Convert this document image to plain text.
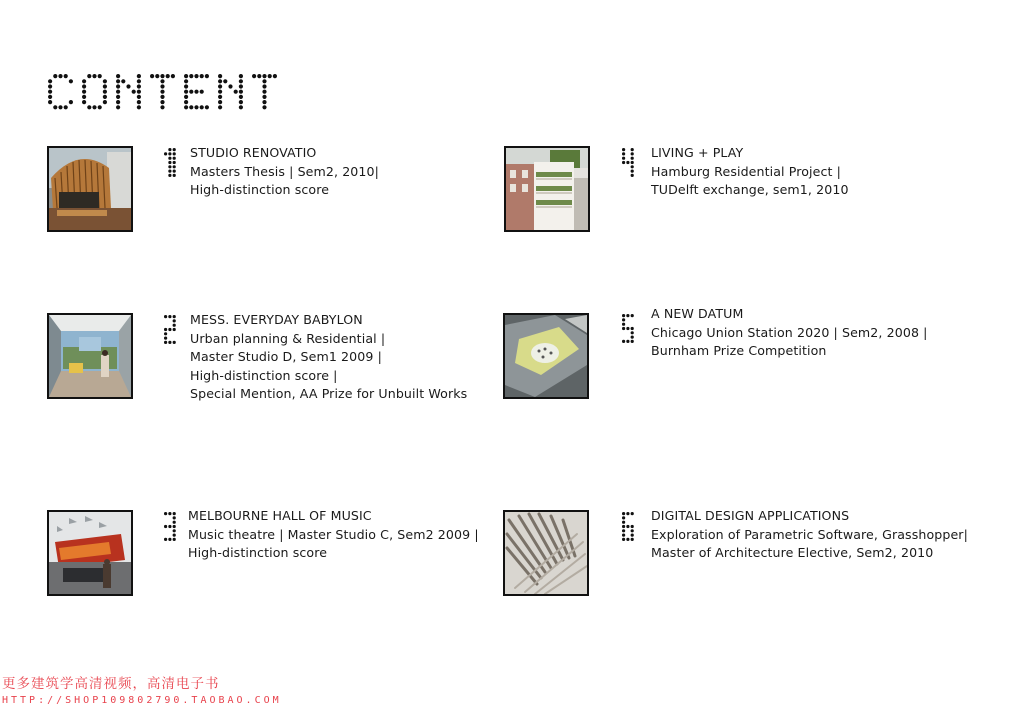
STUDIO RENOVATIO
Masters Thesis | Sem2, 2010|
High-distinction score
MESS. EVERYDAY BABYLON
Urban planning & Residential |
Master Studio D, Sem1 2009 |
High-distinction score |
Special Mention, AA Prize for Unbuilt Works
MELBOURNE HALL OF MUSIC
Music theatre | Master Studio C, Sem2 2009 |
High-distinction score
LIVING + PLAY
Hamburg Residential Project |
TUDelft exchange, sem1, 2010
A NEW DATUM
Chicago Union Station 2020 | Sem2, 2008 |
Burnham Prize Competition
DIGITAL DESIGN APPLICATIONS
Exploration of Parametric Software, Grasshopper|
Master of Architecture Elective, Sem2, 2010
更多建筑学高清视频，高清电子书
HTTP://SHOP109802790.TAOBAO.COM
